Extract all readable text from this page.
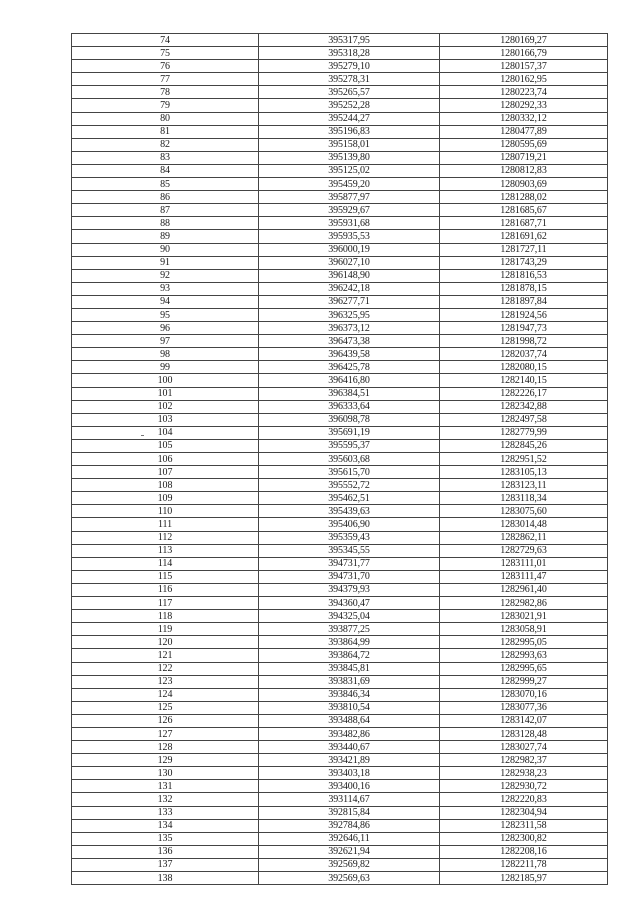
74	395317,95	1280169,27
75	395318,28	1280166,79
76	395279,10	1280157,37
77	395278,31	1280162,95
78	395265,57	1280223,74
79	395252,28	1280292,33
80	395244,27	1280332,12
81	395196,83	1280477,89
82	395158,01	1280595,69
83	395139,80	1280719,21
84	395125,02	1280812,83
85	395459,20	1280903,69
86	395877,97	1281288,02
87	395929,67	1281685,67
88	395931,68	1281687,71
89	395935,53	1281691,62
90	396000,19	1281727,11
91	396027,10	1281743,29
92	396148,90	1281816,53
93	396242,18	1281878,15
94	396277,71	1281897,84
95	396325,95	1281924,56
96	396373,12	1281947,73
97	396473,38	1281998,72
98	396439,58	1282037,74
99	396425,78	1282080,15
100	396416,80	1282140,15
101	396384,51	1282226,17
102	396333,64	1282342,88
103	396098,78	1282497,58
104	395691,19	1282779,99
105	395595,37	1282845,26
106	395603,68	1282951,52
107	395615,70	1283105,13
108	395552,72	1283123,11
109	395462,51	1283118,34
110	395439,63	1283075,60
111	395406,90	1283014,48
112	395359,43	1282862,11
113	395345,55	1282729,63
114	394731,77	1283111,01
115	394731,70	1283111,47
116	394379,93	1282961,40
117	394360,47	1282982,86
118	394325,04	1283021,91
119	393877,25	1283058,91
120	393864,99	1282995,05
121	393864,72	1282993,63
122	393845,81	1282995,65
123	393831,69	1282999,27
124	393846,34	1283070,16
125	393810,54	1283077,36
126	393488,64	1283142,07
127	393482,86	1283128,48
128	393440,67	1283027,74
129	393421,89	1282982,37
130	393403,18	1282938,23
131	393400,16	1282930,72
132	393114,67	1282220,83
133	392815,84	1282304,94
134	392784,86	1282311,58
135	392646,11	1282300,82
136	392621,94	1282208,16
137	392569,82	1282211,78
138	392569,63	1282185,97
